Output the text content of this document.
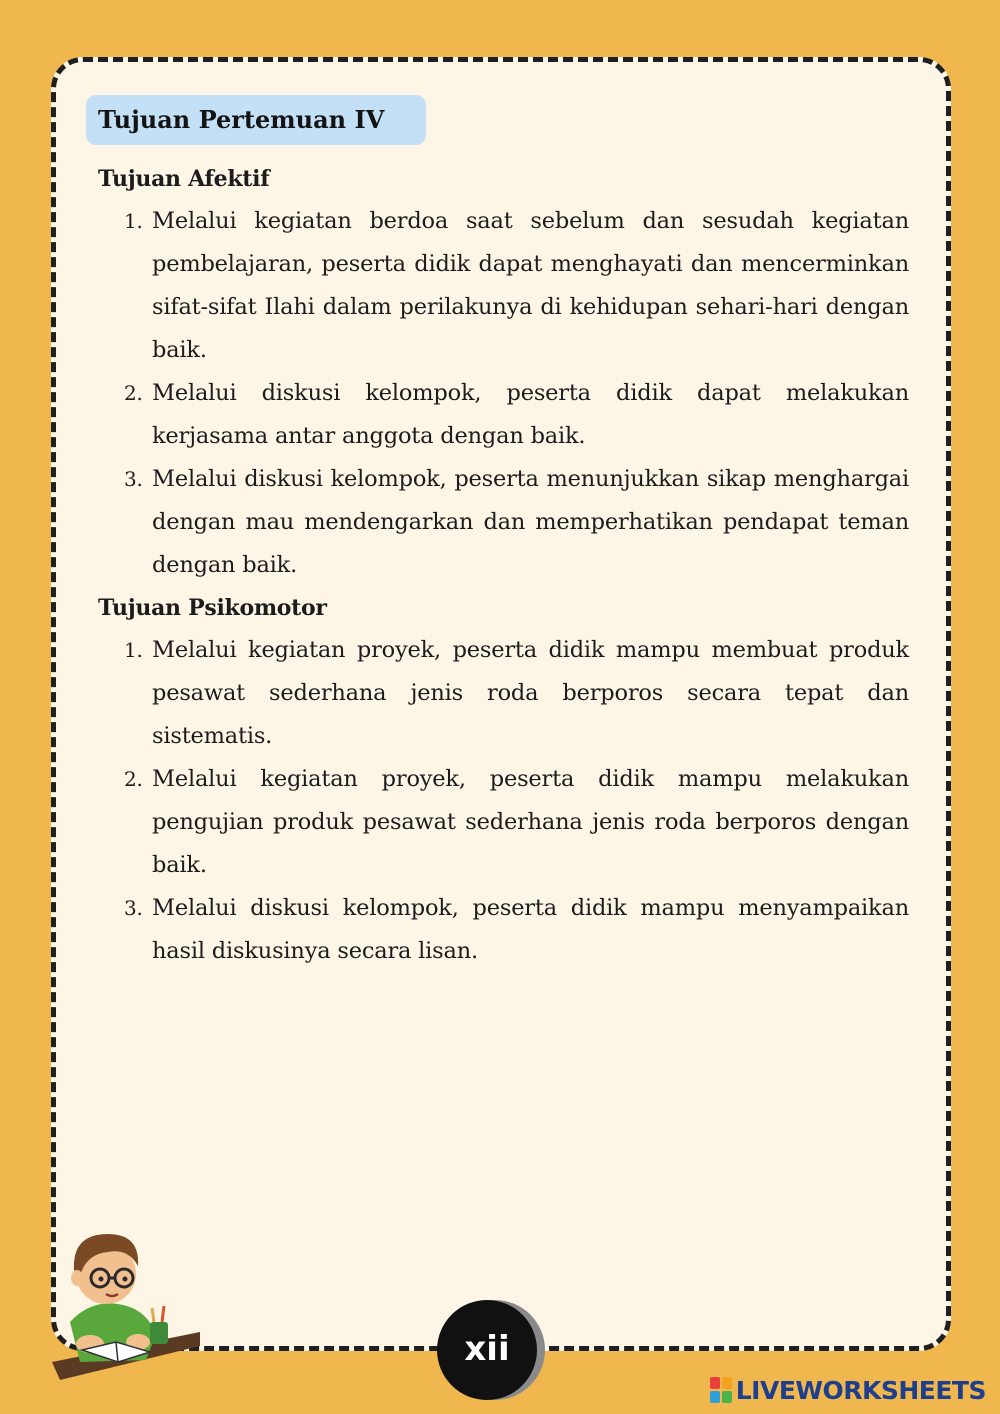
Tujuan Pertemuan IV
Tujuan Afektif
1. Melalui kegiatan berdoa saat sebelum dan sesudah kegiatan pembelajaran, peserta didik dapat menghayati dan mencerminkan sifat-sifat Ilahi dalam perilakunya di kehidupan sehari-hari dengan baik.
2. Melalui diskusi kelompok, peserta didik dapat melakukan kerjasama antar anggota dengan baik.
3. Melalui diskusi kelompok, peserta menunjukkan sikap menghargai dengan mau mendengarkan dan memperhatikan pendapat teman dengan baik.
Tujuan Psikomotor
1. Melalui kegiatan proyek, peserta didik mampu membuat produk pesawat sederhana jenis roda berporos secara tepat dan sistematis.
2. Melalui kegiatan proyek, peserta didik mampu melakukan pengujian produk pesawat sederhana jenis roda berporos dengan baik.
3. Melalui diskusi kelompok, peserta didik mampu menyampaikan hasil diskusinya secara lisan.
xii
LIVEWORKSHEETS
